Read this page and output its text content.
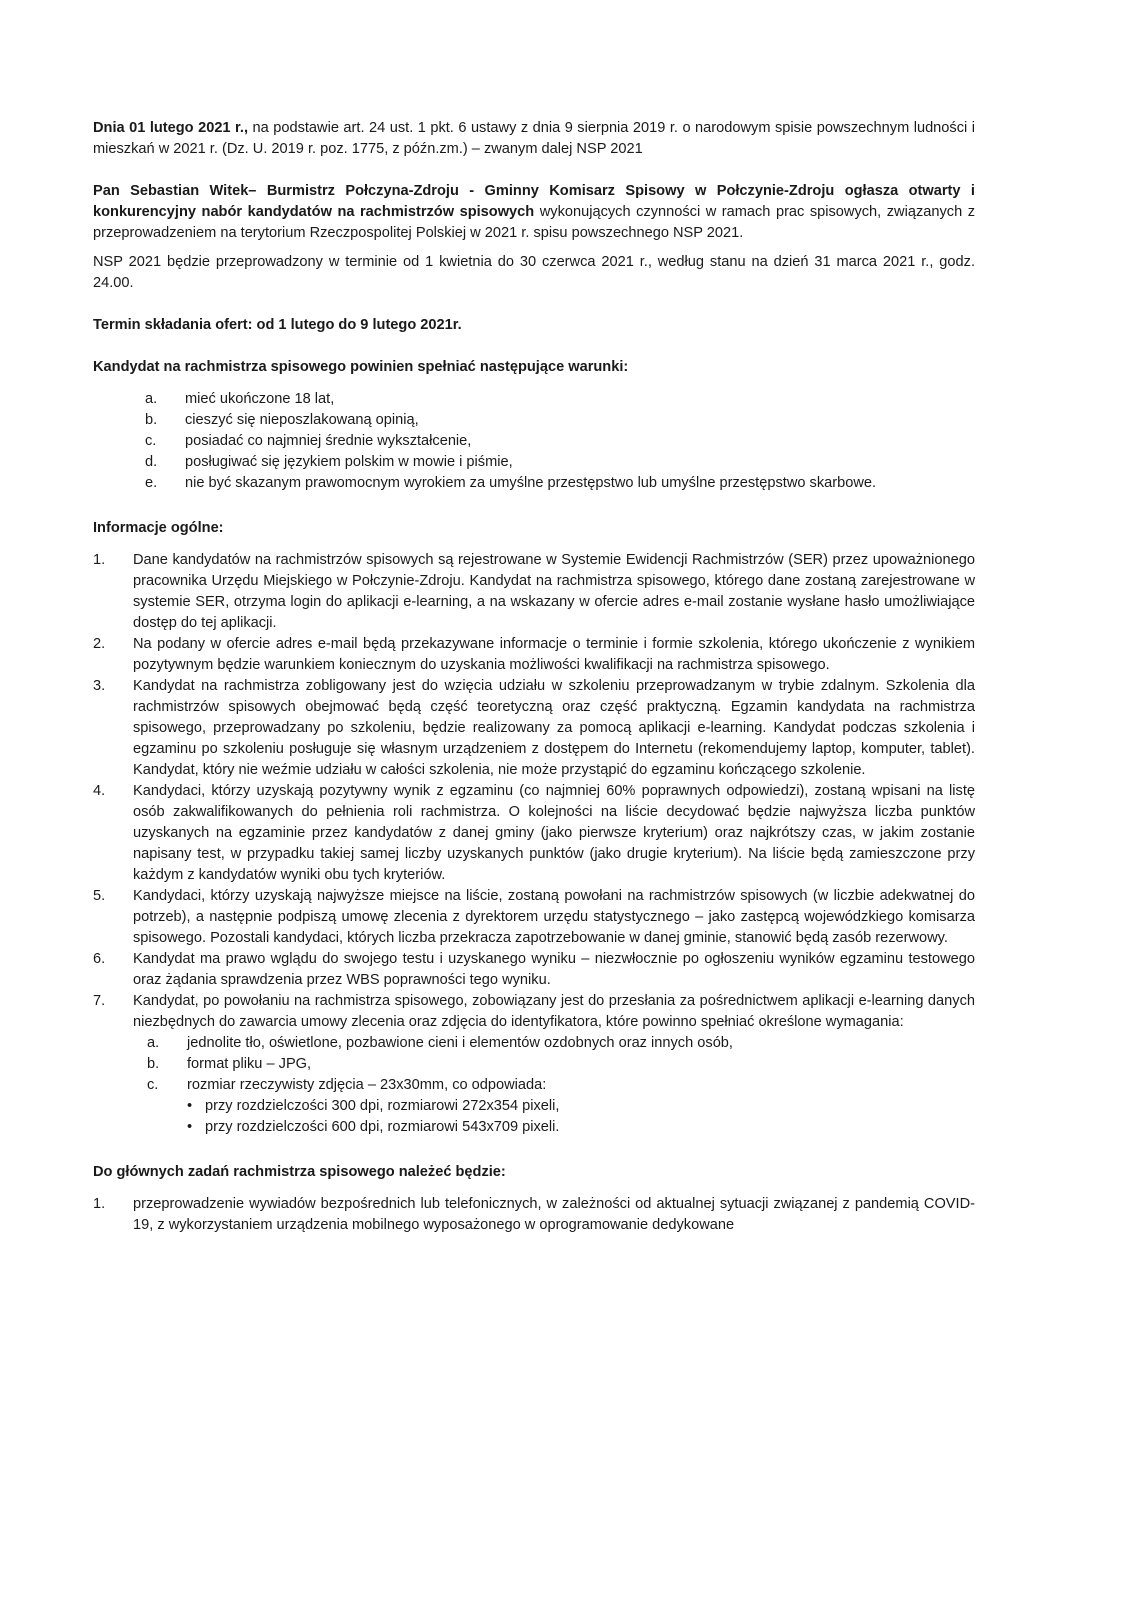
Dnia 01 lutego 2021 r., na podstawie art. 24 ust. 1 pkt. 6 ustawy z dnia 9 sierpnia 2019 r. o narodowym spisie powszechnym ludności i mieszkań w 2021 r. (Dz. U. 2019 r. poz. 1775, z późn.zm.) – zwanym dalej NSP 2021

Pan Sebastian Witek– Burmistrz Połczyna-Zdroju - Gminny Komisarz Spisowy w Połczynie-Zdroju ogłasza otwarty i konkurencyjny nabór kandydatów na rachmistrzów spisowych wykonujących czynności w ramach prac spisowych, związanych z przeprowadzeniem na terytorium Rzeczpospolitej Polskiej w 2021 r. spisu powszechnego NSP 2021.

NSP 2021 będzie przeprowadzony w terminie od 1 kwietnia do 30 czerwca 2021 r., według stanu na dzień 31 marca 2021 r., godz. 24.00.

Termin składania ofert: od 1 lutego do 9 lutego 2021r.

Kandydat na rachmistrza spisowego powinien spełniać następujące warunki:

a.	mieć ukończone 18 lat,
b.	cieszyć się nieposzlakowaną opinią,
c.	posiadać co najmniej średnie wykształcenie,
d.	posługiwać się językiem polskim w mowie i piśmie,
e.	nie być skazanym prawomocnym wyrokiem za umyślne przestępstwo lub umyślne przestępstwo skarbowe.

Informacje ogólne:

1.	Dane kandydatów na rachmistrzów spisowych są rejestrowane w Systemie Ewidencji Rachmistrzów (SER) przez upoważnionego pracownika Urzędu Miejskiego w Połczynie-Zdroju. Kandydat na rachmistrza spisowego, którego dane zostaną zarejestrowane w systemie SER, otrzyma login do aplikacji e-learning, a na wskazany w ofercie adres e-mail zostanie wysłane hasło umożliwiające dostęp do tej aplikacji.
2.	Na podany w ofercie adres e-mail będą przekazywane informacje o terminie i formie szkolenia, którego ukończenie z wynikiem pozytywnym będzie warunkiem koniecznym do uzyskania możliwości kwalifikacji na rachmistrza spisowego.
3.	Kandydat na rachmistrza zobligowany jest do wzięcia udziału w szkoleniu przeprowadzanym w trybie zdalnym. Szkolenia dla rachmistrzów spisowych obejmować będą część teoretyczną oraz część praktyczną. Egzamin kandydata na rachmistrza spisowego, przeprowadzany po szkoleniu, będzie realizowany za pomocą aplikacji e-learning. Kandydat podczas szkolenia i egzaminu po szkoleniu posługuje się własnym urządzeniem z dostępem do Internetu (rekomendujemy laptop, komputer, tablet). Kandydat, który nie weźmie udziału w całości szkolenia, nie może przystąpić do egzaminu kończącego szkolenie.
4.	Kandydaci, którzy uzyskają pozytywny wynik z egzaminu (co najmniej 60% poprawnych odpowiedzi), zostaną wpisani na listę osób zakwalifikowanych do pełnienia roli rachmistrza. O kolejności na liście decydować będzie najwyższa liczba punktów uzyskanych na egzaminie przez kandydatów z danej gminy (jako pierwsze kryterium) oraz najkrótszy czas, w jakim zostanie napisany test, w przypadku takiej samej liczby uzyskanych punktów (jako drugie kryterium). Na liście będą zamieszczone przy każdym z kandydatów wyniki obu tych kryteriów.
5.	Kandydaci, którzy uzyskają najwyższe miejsce na liście, zostaną powołani na rachmistrzów spisowych (w liczbie adekwatnej do potrzeb), a następnie podpiszą umowę zlecenia z dyrektorem urzędu statystycznego – jako zastępcą wojewódzkiego komisarza spisowego. Pozostali kandydaci, których liczba przekracza zapotrzebowanie w danej gminie, stanowić będą zasób rezerwowy.
6.	Kandydat ma prawo wglądu do swojego testu i uzyskanego wyniku – niezwłocznie po ogłoszeniu wyników egzaminu testowego oraz żądania sprawdzenia przez WBS poprawności tego wyniku.
7.	Kandydat, po powołaniu na rachmistrza spisowego, zobowiązany jest do przesłania za pośrednictwem aplikacji e-learning danych niezbędnych do zawarcia umowy zlecenia oraz zdjęcia do identyfikatora, które powinno spełniać określone wymagania:
a.	jednolite tło, oświetlone, pozbawione cieni i elementów ozdobnych oraz innych osób,
b.	format pliku – JPG,
c.	rozmiar rzeczywisty zdjęcia – 23x30mm, co odpowiada:
• przy rozdzielczości 300 dpi, rozmiarowi 272x354 pixeli,
• przy rozdzielczości 600 dpi, rozmiarowi 543x709 pixeli.

Do głównych zadań rachmistrza spisowego należeć będzie:

1.	przeprowadzenie wywiadów bezpośrednich lub telefonicznych, w zależności od aktualnej sytuacji związanej z pandemią COVID-19, z wykorzystaniem urządzenia mobilnego wyposażonego w oprogramowanie dedykowane
